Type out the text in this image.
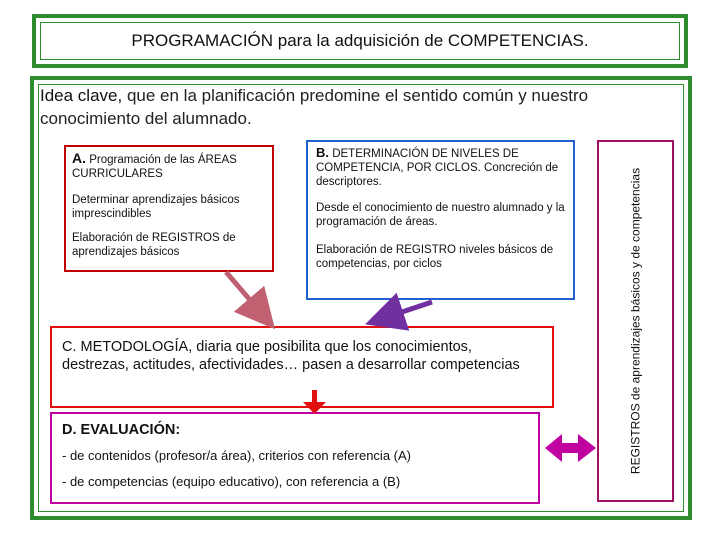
PROGRAMACIÓN para la adquisición de COMPETENCIAS.
Idea clave, que en la planificación predomine el sentido común y nuestro conocimiento del alumnado.

A. Programación de las ÁREAS CURRICULARES

Determinar aprendizajes básicos imprescindibles

Elaboración de REGISTROS de aprendizajes básicos

B. DETERMINACIÓN DE NIVELES DE COMPETENCIA, POR CICLOS. Concreción de descriptores.

Desde el conocimiento de nuestro alumnado y la programación de áreas.

Elaboración de REGISTRO niveles básicos de competencias, por ciclos

C. METODOLOGÍA, diaria que posibilita que los conocimientos, destrezas, actitudes, afectividades… pasen a desarrollar competencias

D. EVALUACIÓN:

- de contenidos (profesor/a área), criterios con referencia (A)

- de competencias (equipo educativo), con referencia a (B)

REGISTROS de aprendizajes básicos y de competencias
